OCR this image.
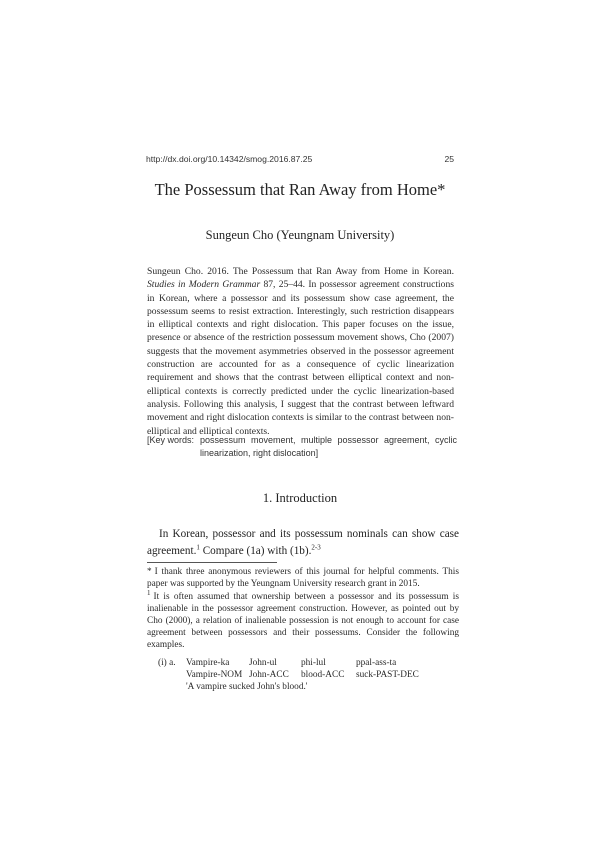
http://dx.doi.org/10.14342/smog.2016.87.25	25
The Possessum that Ran Away from Home*
Sungeun Cho (Yeungnam University)
Sungeun Cho. 2016. The Possessum that Ran Away from Home in Korean. Studies in Modern Grammar 87, 25–44. In possessor agreement constructions in Korean, where a possessor and its possessum show case agreement, the possessum seems to resist extraction. Interestingly, such restriction disappears in elliptical contexts and right dislocation. This paper focuses on the issue, presence or absence of the restriction possessum movement shows, Cho (2007) suggests that the movement asymmetries observed in the possessor agreement construction are accounted for as a consequence of cyclic linearization requirement and shows that the contrast between elliptical context and non-elliptical contexts is correctly predicted under the cyclic linearization-based analysis. Following this analysis, I suggest that the contrast between leftward movement and right dislocation contexts is similar to the contrast between non-elliptical and elliptical contexts.
[Key words: possessum movement, multiple possessor agreement, cyclic linearization, right dislocation]
1. Introduction
In Korean, possessor and its possessum nominals can show case agreement.$^1$ Compare (1a) with (1b).$^{2-3}$
* I thank three anonymous reviewers of this journal for helpful comments. This paper was supported by the Yeungnam University research grant in 2015.
$^1$ It is often assumed that ownership between a possessor and its possessum is inalienable in the possessor agreement construction. However, as pointed out by Cho (2000), a relation of inalienable possession is not enough to account for case agreement between possessors and their possessums. Consider the following examples.
(i) a.	Vampire-ka	John-ul	phi-lul	ppal-ass-ta
Vampire-NOM John-ACC	blood-ACC	suck-PAST-DEC
'A vampire sucked John's blood.'
